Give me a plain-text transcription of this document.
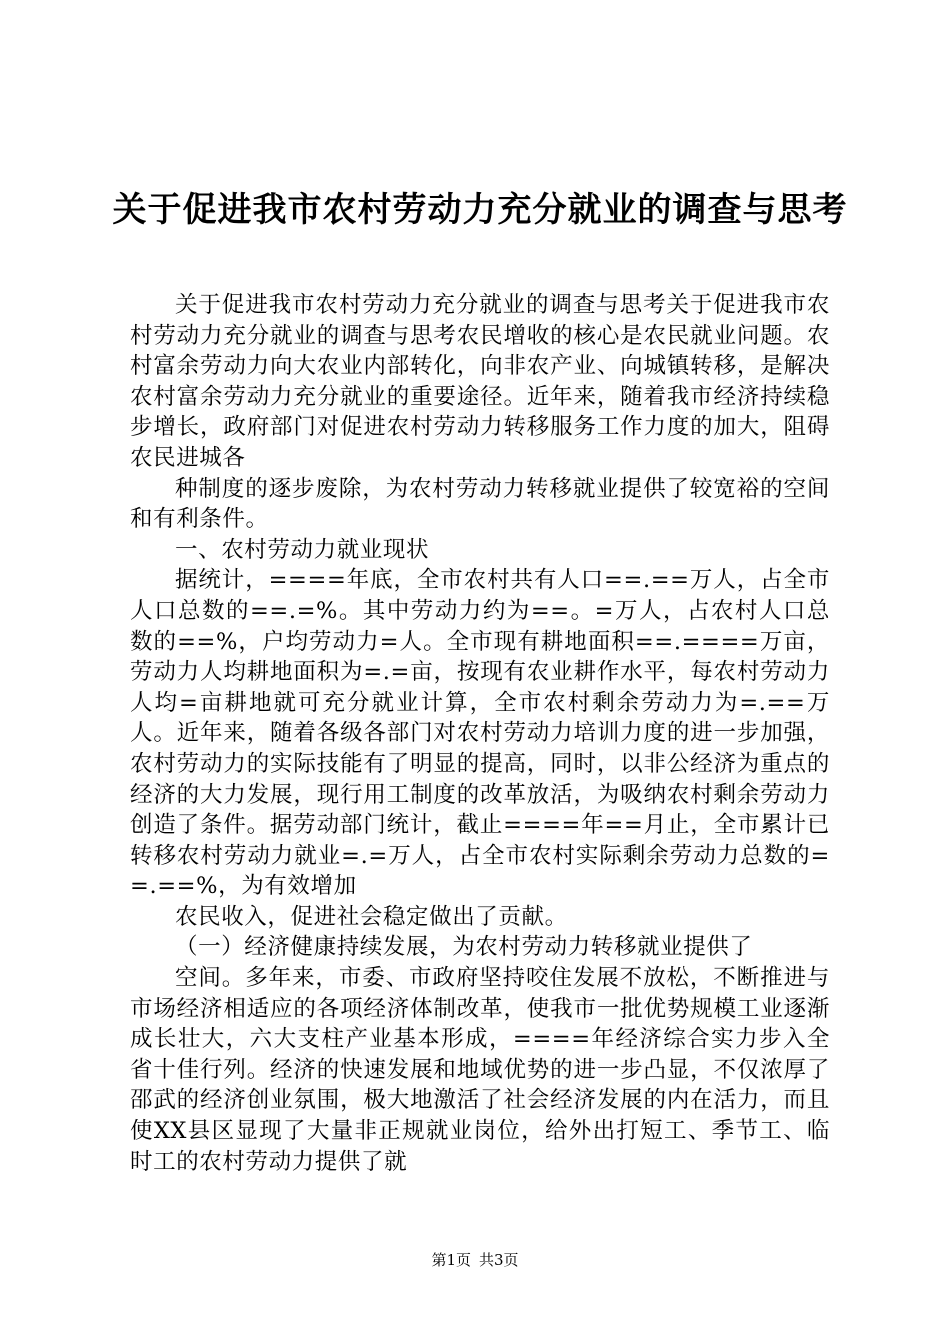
关于促进我市农村劳动力充分就业的调查与思考

关于促进我市农村劳动力充分就业的调查与思考关于促进我市农村劳动力充分就业的调查与思考农民增收的核心是农民就业问题。农村富余劳动力向大农业内部转化，向非农产业、向城镇转移，是解决农村富余劳动力充分就业的重要途径。近年来，随着我市经济持续稳步增长，政府部门对促进农村劳动力转移服务工作力度的加大，阻碍农民进城各

种制度的逐步废除，为农村劳动力转移就业提供了较宽裕的空间和有利条件。

一、农村劳动力就业现状

据统计，====年底，全市农村共有人口==.==万人，占全市人口总数的==.=%。其中劳动力约为==。=万人，占农村人口总数的==%，户均劳动力=人。全市现有耕地面积==.====万亩，劳动力人均耕地面积为=.=亩，按现有农业耕作水平，每农村劳动力人均=亩耕地就可充分就业计算，全市农村剩余劳动力为=.==万人。近年来，随着各级各部门对农村劳动力培训力度的进一步加强，农村劳动力的实际技能有了明显的提高，同时，以非公经济为重点的经济的大力发展，现行用工制度的改革放活，为吸纳农村剩余劳动力创造了条件。据劳动部门统计，截止====年==月止，全市累计已转移农村劳动力就业=.=万人，占全市农村实际剩余劳动力总数的==.==%，为有效增加

农民收入，促进社会稳定做出了贡献。

（一）经济健康持续发展，为农村劳动力转移就业提供了

空间。多年来，市委、市政府坚持咬住发展不放松，不断推进与市场经济相适应的各项经济体制改革，使我市一批优势规模工业逐渐成长壮大，六大支柱产业基本形成，====年经济综合实力步入全省十佳行列。经济的快速发展和地域优势的进一步凸显，不仅浓厚了邵武的经济创业氛围，极大地激活了社会经济发展的内在活力，而且使XX县区显现了大量非正规就业岗位，给外出打短工、季节工、临时工的农村劳动力提供了就

第1页 共3页
